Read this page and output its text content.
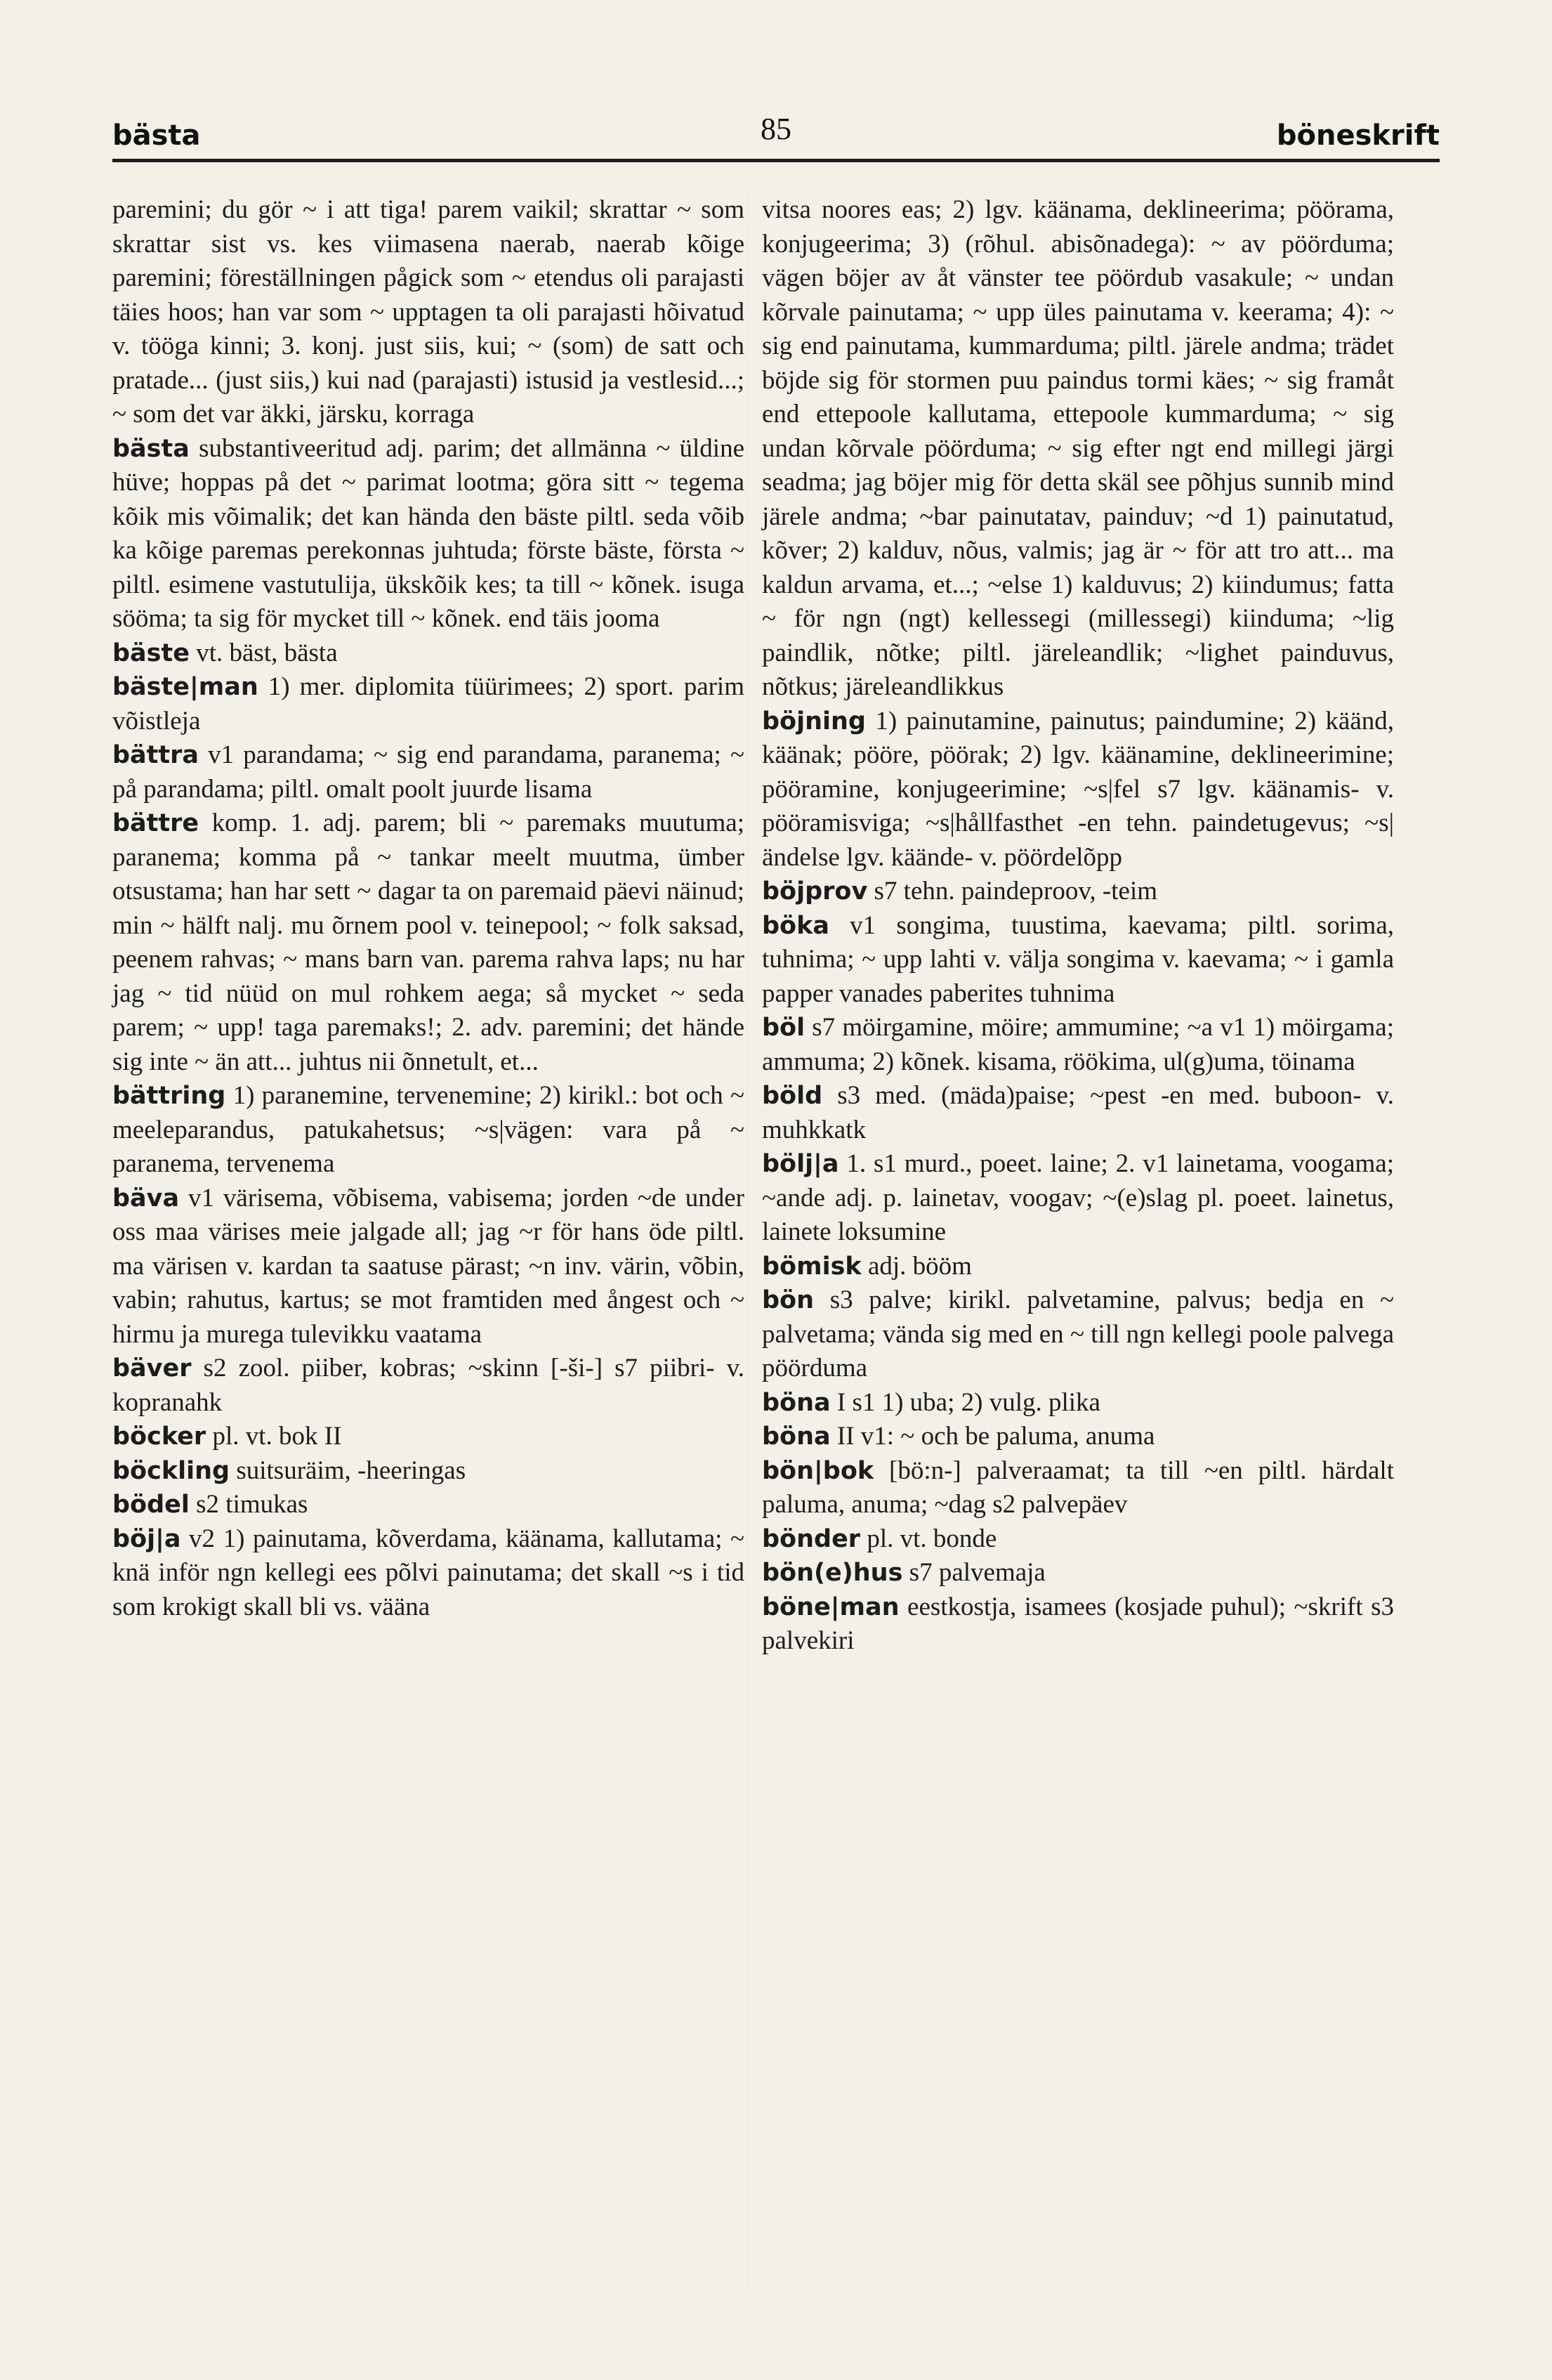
bästa	85	böneskrift

paremini; du gör ~ i att tiga! parem vaikil; skrattar ~ som skrattar sist vs. kes viimasena naerab, naerab kõige paremini; föreställningen pågick som ~ etendus oli parajasti täies hoos; han var som ~ upptagen ta oli parajasti hõivatud v. tööga kinni; 3. konj. just siis, kui; ~ (som) de satt och pratade... (just siis,) kui nad (parajasti) istusid ja vestlesid...; ~ som det var äkki, järsku, korraga

bästa substantiveeritud adj. parim; det allmänna ~ üldine hüve; hoppas på det ~ parimat lootma; göra sitt ~ tegema kõik mis võimalik; det kan hända den bäste piltl. seda võib ka kõige paremas perekonnas juhtuda; förste bäste, första ~ piltl. esimene vastutulija, ükskõik kes; ta till ~ kõnek. isuga sööma; ta sig för mycket till ~ kõnek. end täis jooma

bäste vt. bäst, bästa

bäste|man 1) mer. diplomita tüürimees; 2) sport. parim võistleja

bättra v1 parandama; ~ sig end parandama, paranema; ~ på parandama; piltl. omalt poolt juurde lisama

bättre komp. 1. adj. parem; bli ~ paremaks muutuma; paranema; komma på ~ tankar meelt muutma, ümber otsustama; han har sett ~ dagar ta on paremaid päevi näinud; min ~ hälft nalj. mu õrnem pool v. teinepool; ~ folk saksad, peenem rahvas; ~ mans barn van. parema rahva laps; nu har jag ~ tid nüüd on mul rohkem aega; så mycket ~ seda parem; ~ upp! taga paremaks!; 2. adv. paremini; det hände sig inte ~ än att... juhtus nii õnnetult, et...

bättring 1) paranemine, tervenemine; 2) kirikl.: bot och ~ meeleparandus, patukahetsus; ~s|vägen: vara på ~ paranema, tervenema

bäva v1 värisema, võbisema, vabisema; jorden ~de under oss maa värises meie jalgade all; jag ~r för hans öde piltl. ma värisen v. kardan ta saatuse pärast; ~n inv. värin, võbin, vabin; rahutus, kartus; se mot framtiden med ångest och ~ hirmu ja murega tulevikku vaatama

bäver s2 zool. piiber, kobras; ~skinn [-ši-] s7 piibri- v. kopranahk

böcker pl. vt. bok II

böckling suitsuräim, -heeringas

bödel s2 timukas

böj|a v2 1) painutama, kõverdama, käänama, kallutama; ~ knä inför ngn kellegi ees põlvi painutama; det skall ~s i tid som krokigt skall bli vs. vääna

vitsa noores eas; 2) lgv. käänama, deklineerima; pöörama, konjugeerima; 3) (rõhul. abisõnadega): ~ av pöörduma; vägen böjer av åt vänster tee pöördub vasakule; ~ undan kõrvale painutama; ~ upp üles painutama v. keerama; 4): ~ sig end painutama, kummarduma; piltl. järele andma; trädet böjde sig för stormen puu paindus tormi käes; ~ sig framåt end ettepoole kallutama, ettepoole kummarduma; ~ sig undan kõrvale pöörduma; ~ sig efter ngt end millegi järgi seadma; jag böjer mig för detta skäl see põhjus sunnib mind järele andma; ~bar painutatav, painduv; ~d 1) painutatud, kõver; 2) kalduv, nõus, valmis; jag är ~ för att tro att... ma kaldun arvama, et...; ~else 1) kalduvus; 2) kiindumus; fatta ~ för ngn (ngt) kellessegi (millessegi) kiinduma; ~lig paindlik, nõtke; piltl. järeleandlik; ~lighet painduvus, nõtkus; järeleandlikkus

böjning 1) painutamine, painutus; paindumine; 2) käänd, käänak; pööre, pöörak; 2) lgv. käänamine, deklineerimine; pööramine, konjugeerimine; ~s|fel s7 lgv. käänamis- v. pööramisviga; ~s|hållfasthet -en tehn. paindetugevus; ~s|ändelse lgv. käände- v. pöördelõpp

böjprov s7 tehn. paindeproov, -teim

böka v1 songima, tuustima, kaevama; piltl. sorima, tuhnima; ~ upp lahti v. välja songima v. kaevama; ~ i gamla papper vanades paberites tuhnima

böl s7 möirgamine, möire; ammumine; ~a v1 1) möirgama; ammuma; 2) kõnek. kisama, röökima, ul(g)uma, töinama

böld s3 med. (mäda)paise; ~pest -en med. buboon- v. muhkkatk

bölj|a 1. s1 murd., poeet. laine; 2. v1 lainetama, voogama; ~ande adj. p. lainetav, voogav; ~(e)slag pl. poeet. lainetus, lainete loksumine

bömisk adj. bööm

bön s3 palve; kirikl. palvetamine, palvus; bedja en ~ palvetama; vända sig med en ~ till ngn kellegi poole palvega pöörduma

böna I s1 1) uba; 2) vulg. plika

böna II v1: ~ och be paluma, anuma

bön|bok [bö:n-] palveraamat; ta till ~en piltl. härdalt paluma, anuma; ~dag s2 palvepäev

bönder pl. vt. bonde

bön(e)hus s7 palvemaja

böne|man eestkostja, isamees (kosjade puhul); ~skrift s3 palvekiri
